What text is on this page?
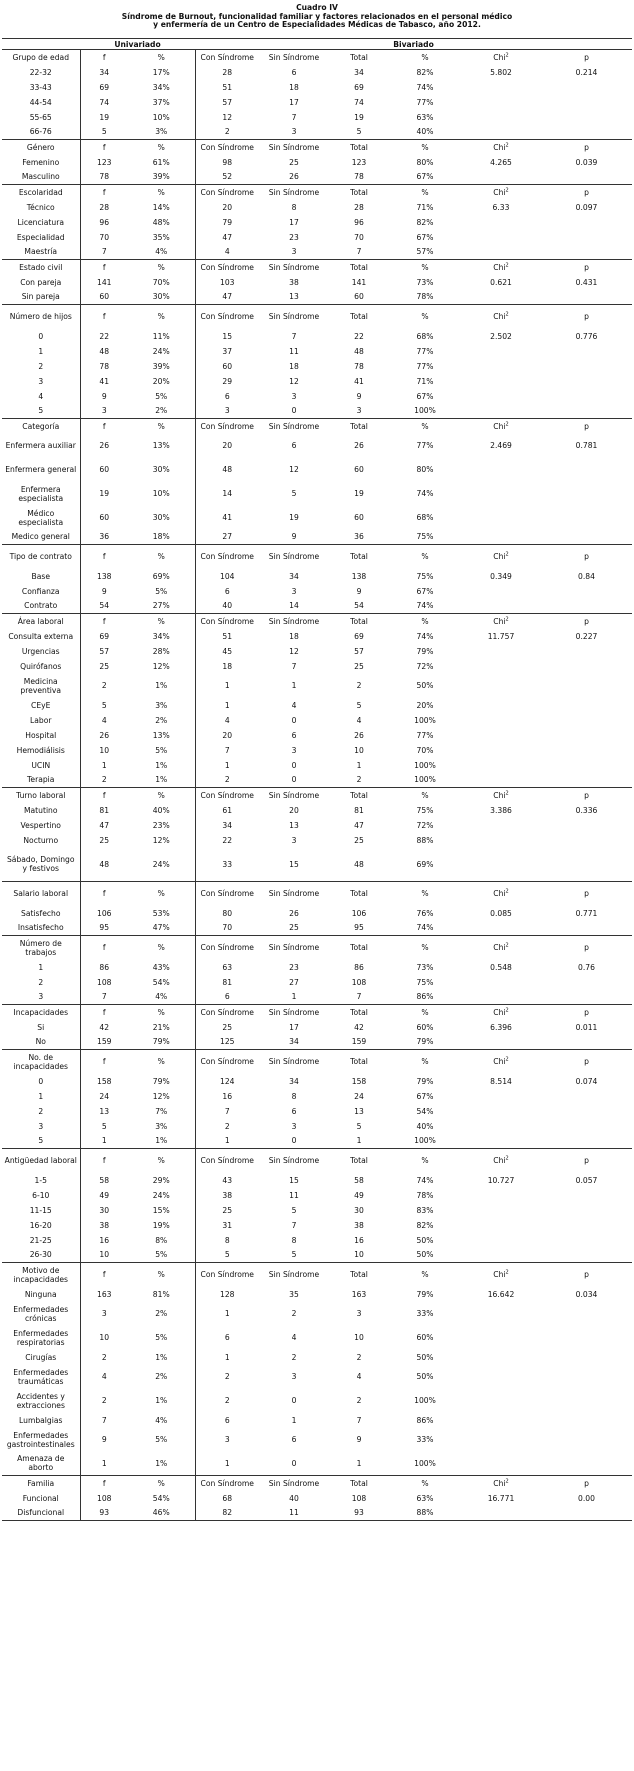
Cuadro IV
Síndrome de Burnout, funcionalidad familiar y factores relacionados en el personal médico
y enfermería de un Centro de Especialidades Médicas de Tabasco, año 2012.
	Univariado		Bivariado					
Grupo de edad	f	%	Con Síndrome	Sin Síndrome	Total	%	Chi$^2$	p
22-32	34	17%	28	6	34	82%	5.802	0.214
33-43	69	34%	51	18	69	74%		
44-54	74	37%	57	17	74	77%		
55-65	19	10%	12	7	19	63%		
66-76	5	3%	2	3	5	40%		
Género	f	%	Con Síndrome	Sin Síndrome	Total	%	Chi$^2$	p
Femenino	123	61%	98	25	123	80%	4.265	0.039
Masculino	78	39%	52	26	78	67%		
Escolaridad	f	%	Con Síndrome	Sin Síndrome	Total	%	Chi$^2$	p
Técnico	28	14%	20	8	28	71%	6.33	0.097
Licenciatura	96	48%	79	17	96	82%		
Especialidad	70	35%	47	23	70	67%		
Maestría	7	4%	4	3	7	57%		
Estado civil	f	%	Con Síndrome	Sin Síndrome	Total	%	Chi$^2$	p
Con pareja	141	70%	103	38	141	73%	0.621	0.431
Sin pareja	60	30%	47	13	60	78%		
Número de hijos	f	%	Con Síndrome	Sin Síndrome	Total	%	Chi$^2$	p
0	22	11%	15	7	22	68%	2.502	0.776
1	48	24%	37	11	48	77%		
2	78	39%	60	18	78	77%		
3	41	20%	29	12	41	71%		
4	9	5%	6	3	9	67%		
5	3	2%	3	0	3	100%		
Categoría	f	%	Con Síndrome	Sin Síndrome	Total	%	Chi$^2$	p
Enfermera auxiliar	26	13%	20	6	26	77%	2.469	0.781
Enfermera general	60	30%	48	12	60	80%		
Enfermera especialista	19	10%	14	5	19	74%		
Médico especialista	60	30%	41	19	60	68%		
Medico general	36	18%	27	9	36	75%		
Tipo de contrato	f	%	Con Síndrome	Sin Síndrome	Total	%	Chi$^2$	p
Base	138	69%	104	34	138	75%	0.349	0.84
Confianza	9	5%	6	3	9	67%		
Contrato	54	27%	40	14	54	74%		
Área laboral	f	%	Con Síndrome	Sin Síndrome	Total	%	Chi$^2$	p
Consulta externa	69	34%	51	18	69	74%	11.757	0.227
Urgencias	57	28%	45	12	57	79%		
Quirófanos	25	12%	18	7	25	72%		
Medicina preventiva	2	1%	1	1	2	50%		
CEyE	5	3%	1	4	5	20%		
Labor	4	2%	4	0	4	100%		
Hospital	26	13%	20	6	26	77%		
Hemodiálisis	10	5%	7	3	10	70%		
UCIN	1	1%	1	0	1	100%		
Terapia	2	1%	2	0	2	100%		
Turno laboral	f	%	Con Síndrome	Sin Síndrome	Total	%	Chi$^2$	p
Matutino	81	40%	61	20	81	75%	3.386	0.336
Vespertino	47	23%	34	13	47	72%		
Nocturno	25	12%	22	3	25	88%		
Sábado, Domingo y festivos	48	24%	33	15	48	69%		
Salario laboral	f	%	Con Síndrome	Sin Síndrome	Total	%	Chi$^2$	p
Satisfecho	106	53%	80	26	106	76%	0.085	0.771
Insatisfecho	95	47%	70	25	95	74%		
Número de trabajos	f	%	Con Síndrome	Sin Síndrome	Total	%	Chi$^2$	p
1	86	43%	63	23	86	73%	0.548	0.76
2	108	54%	81	27	108	75%		
3	7	4%	6	1	7	86%		
Incapacidades	f	%	Con Síndrome	Sin Síndrome	Total	%	Chi$^2$	p
Si	42	21%	25	17	42	60%	6.396	0.011
No	159	79%	125	34	159	79%		
No. de incapacidades	f	%	Con Síndrome	Sin Síndrome	Total	%	Chi$^2$	p
0	158	79%	124	34	158	79%	8.514	0.074
1	24	12%	16	8	24	67%		
2	13	7%	7	6	13	54%		
3	5	3%	2	3	5	40%		
5	1	1%	1	0	1	100%		
Antigüedad laboral	f	%	Con Síndrome	Sin Síndrome	Total	%	Chi$^2$	p
1-5	58	29%	43	15	58	74%	10.727	0.057
6-10	49	24%	38	11	49	78%		
11-15	30	15%	25	5	30	83%		
16-20	38	19%	31	7	38	82%		
21-25	16	8%	8	8	16	50%		
26-30	10	5%	5	5	10	50%		
Motivo de incapacidades	f	%	Con Síndrome	Sin Síndrome	Total	%	Chi$^2$	p
Ninguna	163	81%	128	35	163	79%	16.642	0.034
Enfermedades crónicas	3	2%	1	2	3	33%		
Enfermedades respiratorias	10	5%	6	4	10	60%		
Cirugías	2	1%	1	2	2	50%		
Enfermedades traumáticas	4	2%	2	3	4	50%		
Accidentes y extracciones	2	1%	2	0	2	100%		
Lumbalgias	7	4%	6	1	7	86%		
Enfermedades gastrointestinales	9	5%	3	6	9	33%		
Amenaza de aborto	1	1%	1	0	1	100%		
Familia	f	%	Con Síndrome	Sin Síndrome	Total	%	Chi$^2$	p
Funcional	108	54%	68	40	108	63%	16.771	0.00
Disfuncional	93	46%	82	11	93	88%		
